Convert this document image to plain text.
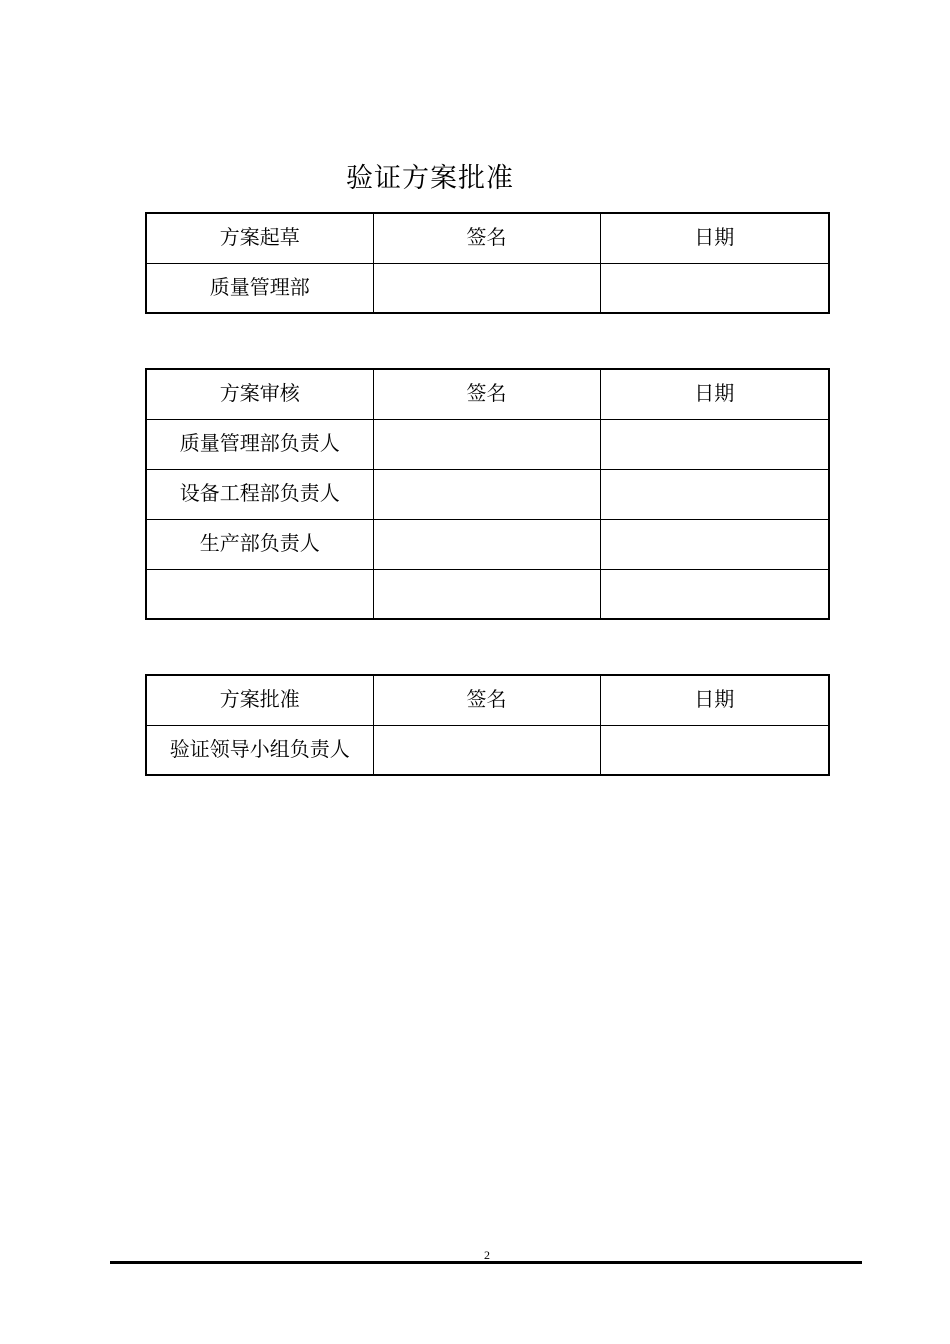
验证方案批准
方案起草	签名	日期
质量管理部		
方案审核	签名	日期
质量管理部负责人		
设备工程部负责人		
生产部负责人		

方案批准	签名	日期
验证领导小组负责人		
2
